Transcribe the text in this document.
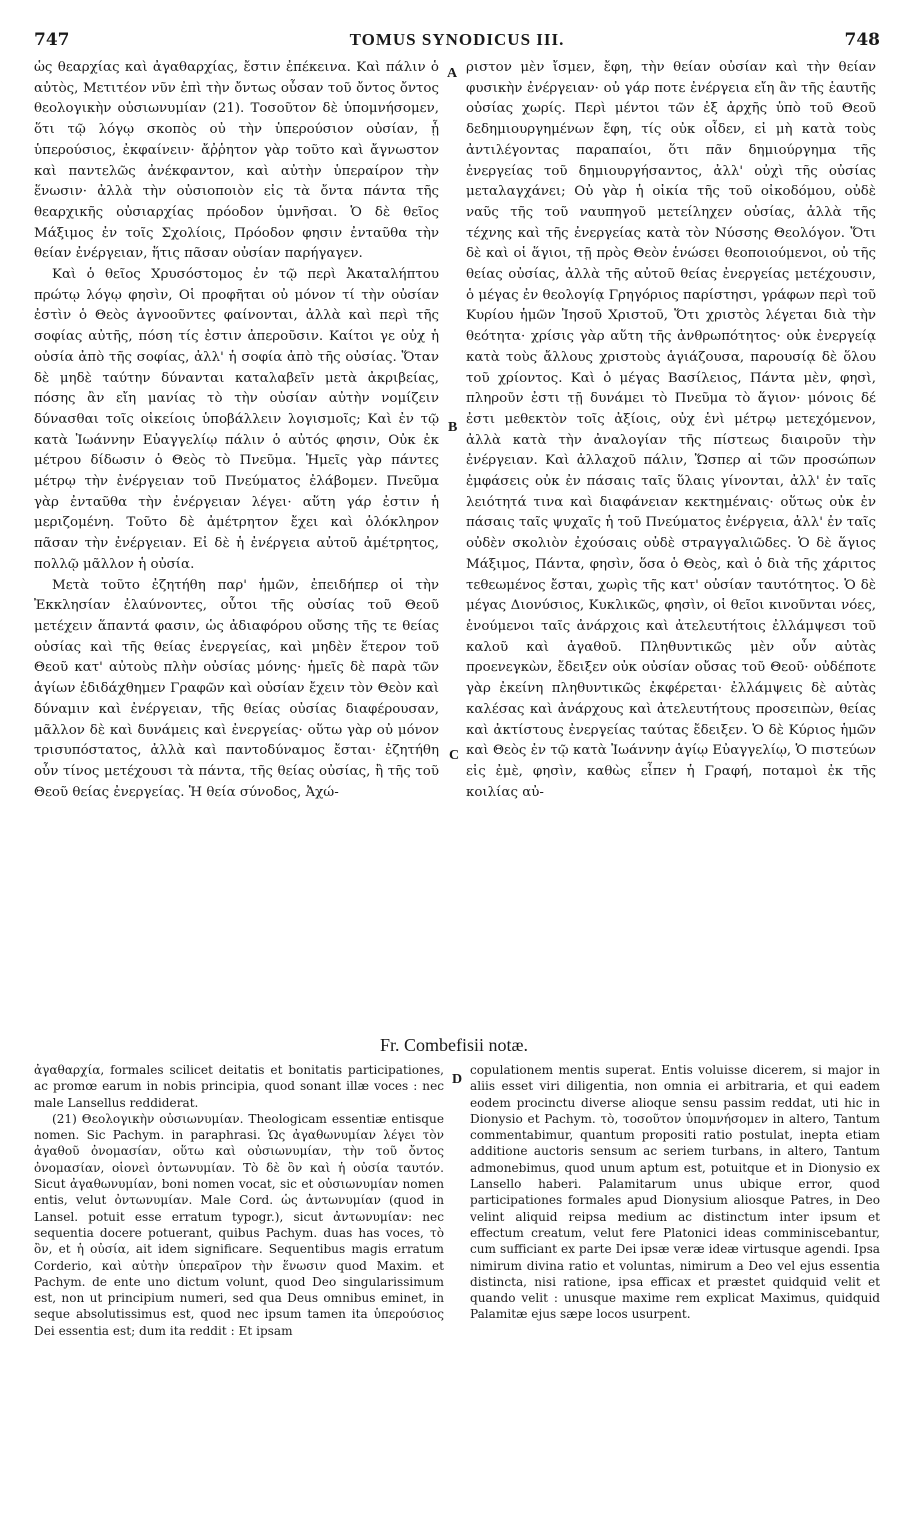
747	TOMUS SYNODICUS III.	748
A
B
C
D

ὡς θεαρχίας καὶ ἀγαθαρχίας, ἔστιν ἐπέκεινα. Καὶ πάλιν ὁ αὐτὸς, Μετιτέον νῦν ἐπὶ τὴν ὄντως οὖσαν τοῦ ὄντος ὄντος θεολογικὴν οὐσιωνυμίαν (21). Τοσοῦτον δὲ ὑπομνήσομεν, ὅτι τῷ λόγῳ σκοπὸς οὐ τὴν ὑπερούσιον οὐσίαν, ᾗ ὑπερούσιος, ἐκφαίνειν· ἄῤῥητον γὰρ τοῦτο καὶ ἄγνωστον καὶ παντελῶς ἀνέκφαντον, καὶ αὐτὴν ὑπεραίρον τὴν ἕνωσιν· ἀλλὰ τὴν οὐσιοποιὸν εἰς τὰ ὄντα πάντα τῆς θεαρχικῆς οὐσιαρχίας πρόοδον ὑμνῆσαι. Ὁ δὲ θεῖος Μάξιμος ἐν τοῖς Σχολίοις, Πρόοδον φησιν ἐνταῦθα τὴν θείαν ἐνέργειαν, ἥτις πᾶσαν οὐσίαν παρήγαγεν.

Καὶ ὁ θεῖος Χρυσόστομος ἐν τῷ περὶ Ἀκαταλήπτου πρώτῳ λόγῳ φησὶν, Οἱ προφῆται οὐ μόνον τί τὴν οὐσίαν ἐστὶν ὁ Θεὸς ἀγνοοῦντες φαίνονται, ἀλλὰ καὶ περὶ τῆς σοφίας αὐτῆς, πόση τίς ἐστιν ἀπεροῦσιν. Καίτοι γε οὐχ ἡ οὐσία ἀπὸ τῆς σοφίας, ἀλλ' ἡ σοφία ἀπὸ τῆς οὐσίας. Ὅταν δὲ μηδὲ ταύτην δύνανται καταλαβεῖν μετὰ ἀκριβείας, πόσης ἂν εἴη μανίας τὸ τὴν οὐσίαν αὐτὴν νομίζειν δύνασθαι τοῖς οἰκείοις ὑποβάλλειν λογισμοῖς; Καὶ ἐν τῷ κατὰ Ἰωάννην Εὐαγγελίῳ πάλιν ὁ αὐτός φησιν, Οὐκ ἐκ μέτρου δίδωσιν ὁ Θεὸς τὸ Πνεῦμα. Ἡμεῖς γὰρ πάντες μέτρῳ τὴν ἐνέργειαν τοῦ Πνεύματος ἐλάβομεν. Πνεῦμα γὰρ ἐνταῦθα τὴν ἐνέργειαν λέγει· αὕτη γάρ ἐστιν ἡ μεριζομένη. Τοῦτο δὲ ἀμέτρητον ἔχει καὶ ὁλόκληρον πᾶσαν τὴν ἐνέργειαν. Εἰ δὲ ἡ ἐνέργεια αὐτοῦ ἀμέτρητος, πολλῷ μᾶλλον ἡ οὐσία.

Μετὰ τοῦτο ἐζητήθη παρ' ἡμῶν, ἐπειδήπερ οἱ τὴν Ἐκκλησίαν ἐλαύνοντες, οὗτοι τῆς οὐσίας τοῦ Θεοῦ μετέχειν ἅπαντά φασιν, ὡς ἀδιαφόρου οὔσης τῆς τε θείας οὐσίας καὶ τῆς θείας ἐνεργείας, καὶ μηδὲν ἕτερον τοῦ Θεοῦ κατ' αὐτοὺς πλὴν οὐσίας μόνης· ἡμεῖς δὲ παρὰ τῶν ἁγίων ἐδιδάχθημεν Γραφῶν καὶ οὐσίαν ἔχειν τὸν Θεὸν καὶ δύναμιν καὶ ἐνέργειαν, τῆς θείας οὐσίας διαφέρουσαν, μᾶλλον δὲ καὶ δυνάμεις καὶ ἐνεργείας· οὕτω γὰρ οὐ μόνον τρισυπόστατος, ἀλλὰ καὶ παντοδύναμος ἔσται· ἐζητήθη οὖν τίνος μετέχουσι τὰ πάντα, τῆς θείας οὐσίας, ἢ τῆς τοῦ Θεοῦ θείας ἐνεργείας. Ἡ θεία σύνοδος, Ἀχώ-

ριστον μὲν ἴσμεν, ἔφη, τὴν θείαν οὐσίαν καὶ τὴν θείαν φυσικὴν ἐνέργειαν· οὐ γάρ ποτε ἐνέργεια εἴη ἂν τῆς ἑαυτῆς οὐσίας χωρίς. Περὶ μέντοι τῶν ἐξ ἀρχῆς ὑπὸ τοῦ Θεοῦ δεδημιουργημένων ἔφη, τίς οὐκ οἶδεν, εἰ μὴ κατὰ τοὺς ἀντιλέγοντας παραπαίοι, ὅτι πᾶν δημιούργημα τῆς ἐνεργείας τοῦ δημιουργήσαντος, ἀλλ' οὐχὶ τῆς οὐσίας μεταλαγχάνει; Οὐ γὰρ ἡ οἰκία τῆς τοῦ οἰκοδόμου, οὐδὲ ναῦς τῆς τοῦ ναυπηγοῦ μετείληχεν οὐσίας, ἀλλὰ τῆς τέχνης καὶ τῆς ἐνεργείας κατὰ τὸν Νύσσης Θεολόγον. Ὅτι δὲ καὶ οἱ ἅγιοι, τῇ πρὸς Θεὸν ἑνώσει θεοποιούμενοι, οὐ τῆς θείας οὐσίας, ἀλλὰ τῆς αὐτοῦ θείας ἐνεργείας μετέχουσιν, ὁ μέγας ἐν θεολογίᾳ Γρηγόριος παρίστησι, γράφων περὶ τοῦ Κυρίου ἡμῶν Ἰησοῦ Χριστοῦ, Ὅτι χριστὸς λέγεται διὰ τὴν θεότητα· χρίσις γὰρ αὕτη τῆς ἀνθρωπότητος· οὐκ ἐνεργείᾳ κατὰ τοὺς ἄλλους χριστοὺς ἁγιάζουσα, παρουσίᾳ δὲ ὅλου τοῦ χρίοντος. Καὶ ὁ μέγας Βασίλειος, Πάντα μὲν, φησὶ, πληροῦν ἐστι τῇ δυνάμει τὸ Πνεῦμα τὸ ἅγιον· μόνοις δέ ἐστι μεθεκτὸν τοῖς ἀξίοις, οὐχ ἑνὶ μέτρῳ μετεχόμενον, ἀλλὰ κατὰ τὴν ἀναλογίαν τῆς πίστεως διαιροῦν τὴν ἐνέργειαν. Καὶ ἀλλαχοῦ πάλιν, Ὥσπερ αἱ τῶν προσώπων ἐμφάσεις οὐκ ἐν πάσαις ταῖς ὕλαις γίνονται, ἀλλ' ἐν ταῖς λειότητά τινα καὶ διαφάνειαν κεκτημέναις· οὕτως οὐκ ἐν πάσαις ταῖς ψυχαῖς ἡ τοῦ Πνεύματος ἐνέργεια, ἀλλ' ἐν ταῖς οὐδὲν σκολιὸν ἐχούσαις οὐδὲ στραγγαλιῶδες. Ὁ δὲ ἅγιος Μάξιμος, Πάντα, φησὶν, ὅσα ὁ Θεὸς, καὶ ὁ διὰ τῆς χάριτος τεθεωμένος ἔσται, χωρὶς τῆς κατ' οὐσίαν ταυτότητος. Ὁ δὲ μέγας Διονύσιος, Κυκλικῶς, φησὶν, οἱ θεῖοι κινοῦνται νόες, ἑνούμενοι ταῖς ἀνάρχοις καὶ ἀτελευτήτοις ἐλλάμψεσι τοῦ καλοῦ καὶ ἀγαθοῦ. Πληθυντικῶς μὲν οὖν αὐτὰς προενεγκὼν, ἔδειξεν οὐκ οὐσίαν οὔσας τοῦ Θεοῦ· οὐδέποτε γὰρ ἐκείνη πληθυντικῶς ἐκφέρεται· ἐλλάμψεις δὲ αὐτὰς καλέσας καὶ ἀνάρχους καὶ ἀτελευτήτους προσειπὼν, θείας καὶ ἀκτίστους ἐνεργείας ταύτας ἔδειξεν. Ὁ δὲ Κύριος ἡμῶν καὶ Θεὸς ἐν τῷ κατὰ Ἰωάννην ἁγίῳ Εὐαγγελίῳ, Ὁ πιστεύων εἰς ἐμὲ, φησὶν, καθὼς εἶπεν ἡ Γραφή, ποταμοὶ ἐκ τῆς κοιλίας αὐ-

Fr. Combefisii notæ.

ἀγαθαρχία, formales scilicet deitatis et bonitatis participationes, ac promœ earum in nobis principia, quod sonant illæ voces : nec male Lansellus reddiderat.

(21) Θεολογικὴν οὐσιωνυμίαν. Theologicam essentiæ entisque nomen. Sic Pachym. in paraphrasi. Ὡς ἀγαθωνυμίαν λέγει τὸν ἀγαθοῦ ὀνομασίαν, οὕτω καὶ οὐσιωνυμίαν, τὴν τοῦ ὄντος ὀνομασίαν, οἱονεὶ ὀντωνυμίαν. Τὸ δὲ ὂν καὶ ἡ οὐσία ταυτόν. Sicut ἀγαθωνυμίαν, boni nomen vocat, sic et οὐσιωνυμίαν nomen entis, velut ὀντωνυμίαν. Male Cord. ὡς ἀντωνυμίαν (quod in Lansel. potuit esse erratum typogr.), sicut ἀντωνυμίαν: nec sequentia docere potuerant, quibus Pachym. duas has voces, τὸ ὂν, et ἡ οὐσία, ait idem significare. Sequentibus magis erratum Corderio, καὶ αὐτὴν ὑπεραῖρον τὴν ἕνωσιν quod Maxim. et Pachym. de ente uno dictum volunt, quod Deo singularissimum est, non ut principium numeri, sed qua Deus omnibus eminet, in seque absolutissimus est, quod nec ipsum tamen ita ὑπερούσιος Dei essentia est; dum ita reddit : Et ipsam

copulationem mentis superat. Entis voluisse dicerem, si major in aliis esset viri diligentia, non omnia ei arbitraria, et qui eadem eodem procinctu diverse alioque sensu passim reddat, uti hic in Dionysio et Pachym. τὸ, τοσοῦτον ὑπομνήσομεν in altero, Tantum commentabimur, quantum propositi ratio postulat, inepta etiam additione auctoris sensum ac seriem turbans, in altero, Tantum admonebimus, quod unum aptum est, potuitque et in Dionysio ex Lansello haberi. Palamitarum unus ubique error, quod participationes formales apud Dionysium aliosque Patres, in Deo velint aliquid reipsa medium ac distinctum inter ipsum et effectum creatum, velut fere Platonici ideas comminiscebantur, cum sufficiant ex parte Dei ipsæ veræ ideæ virtusque agendi. Ipsa nimirum divina ratio et voluntas, nimirum a Deo vel ejus essentia distincta, nisi ratione, ipsa efficax et præstet quidquid velit et quando velit : unusque maxime rem explicat Maximus, quidquid Palamitæ ejus sæpe locos usurpent.
